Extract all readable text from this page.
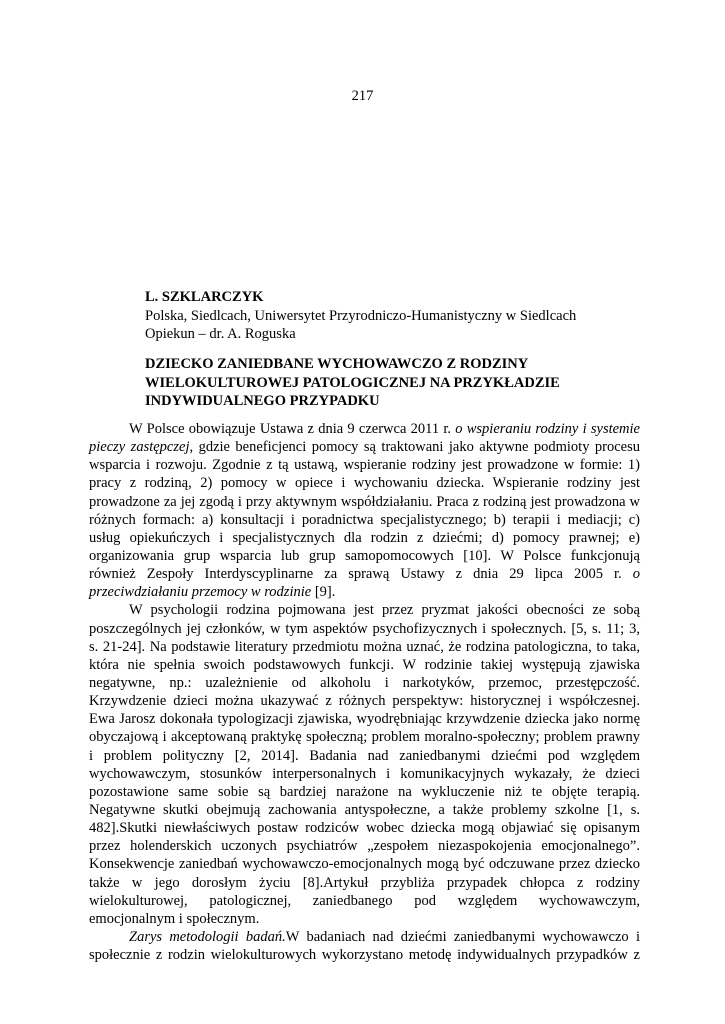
217
L. SZKLARCZYK
Polska, Siedlcach, Uniwersytet Przyrodniczo-Humanistyczny w Siedlcach
Opiekun – dr. A. Roguska
DZIECKO ZANIEDBANE WYCHOWAWCZO Z RODZINY
WIELOKULTUROWEJ PATOLOGICZNEJ NA PRZYKŁADZIE
INDYWIDUALNEGO PRZYPADKU
W Polsce obowiązuje Ustawa z dnia 9 czerwca 2011 r. o wspieraniu rodziny i systemie
pieczy zastępczej, gdzie beneficjenci pomocy są traktowani jako aktywne podmioty procesu
wsparcia i rozwoju. Zgodnie z tą ustawą, wspieranie rodziny jest prowadzone w formie: 1)
pracy z rodziną, 2) pomocy w opiece i wychowaniu dziecka. Wspieranie rodziny jest
prowadzone za jej zgodą i przy aktywnym współdziałaniu. Praca z rodziną jest prowadzona w
różnych formach: a) konsultacji i poradnictwa specjalistycznego; b) terapii i mediacji; c)
usług opiekuńczych i specjalistycznych dla rodzin z dziećmi; d) pomocy prawnej; e)
organizowania grup wsparcia lub grup samopomocowych [10]. W Polsce funkcjonują
również Zespoły Interdyscyplinarne za sprawą Ustawy z dnia 29 lipca 2005 r. o
przeciwdziałaniu przemocy w rodzinie [9].
W psychologii rodzina pojmowana jest przez pryzmat jakości obecności ze sobą
poszczególnych jej członków, w tym aspektów psychofizycznych i społecznych. [5, s. 11; 3,
s. 21-24]. Na podstawie literatury przedmiotu można uznać, że rodzina patologiczna, to taka,
która nie spełnia swoich podstawowych funkcji. W rodzinie takiej występują zjawiska
negatywne, np.: uzależnienie od alkoholu i narkotyków, przemoc, przestępczość.
Krzywdzenie dzieci można ukazywać z różnych perspektyw: historycznej i współczesnej.
Ewa Jarosz dokonała typologizacji zjawiska, wyodrębniając krzywdzenie dziecka jako normę
obyczajową i akceptowaną praktykę społeczną; problem moralno-społeczny; problem prawny
i problem polityczny [2, 2014]. Badania nad zaniedbanymi dziećmi pod względem
wychowawczym, stosunków interpersonalnych i komunikacyjnych wykazały, że dzieci
pozostawione same sobie są bardziej narażone na wykluczenie niż te objęte terapią.
Negatywne skutki obejmują zachowania antyspołeczne, a także problemy szkolne [1, s.
482].Skutki niewłaściwych postaw rodziców wobec dziecka mogą objawiać się opisanym
przez holenderskich uczonych psychiatrów „zespołem niezaspokojenia emocjonalnego”.
Konsekwencje zaniedbań wychowawczo-emocjonalnych mogą być odczuwane przez dziecko
także w jego dorosłym życiu [8].Artykuł przybliża przypadek chłopca z rodziny
wielokulturowej, patologicznej, zaniedbanego pod względem wychowawczym,
emocjonalnym i społecznym.
Zarys metodologii badań.W badaniach nad dziećmi zaniedbanymi wychowawczo i
społecznie z rodzin wielokulturowych wykorzystano metodę indywidualnych przypadków z
